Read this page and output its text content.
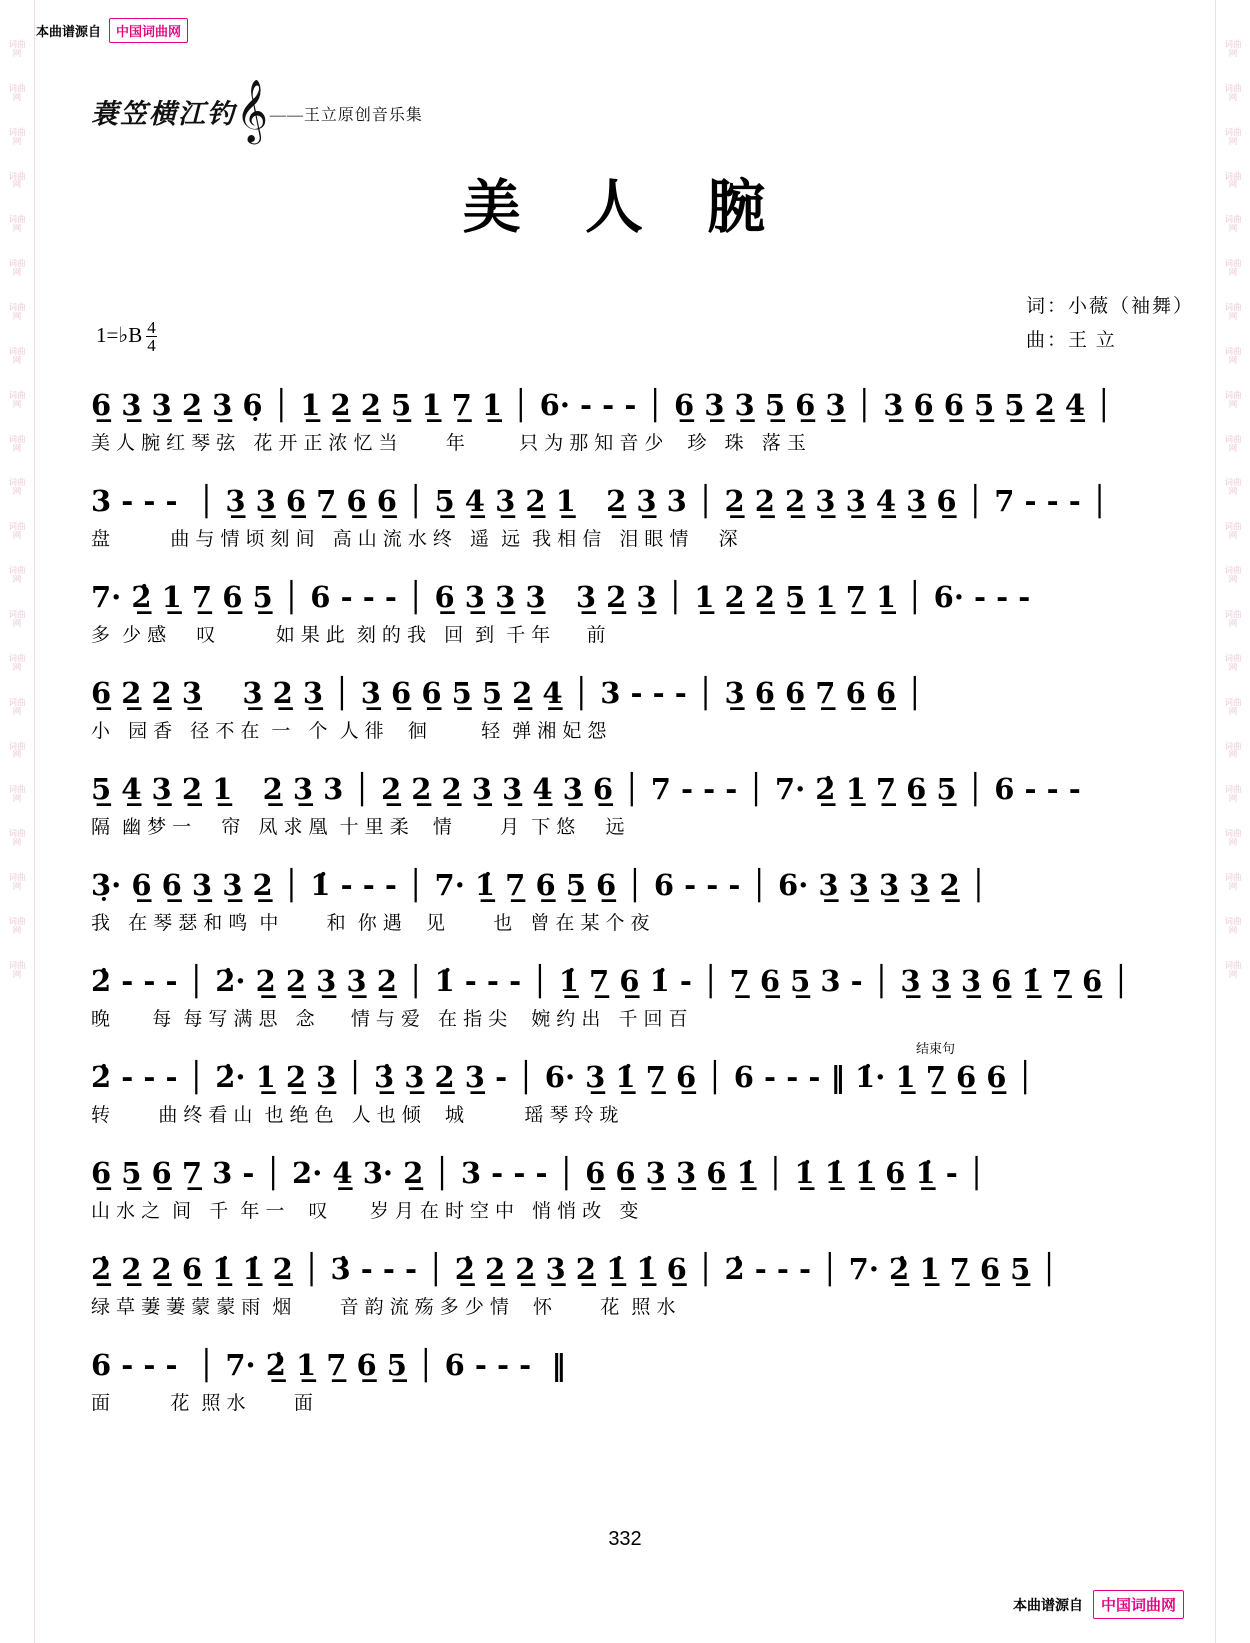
词曲网
词曲网
词曲网
词曲网
词曲网
词曲网
词曲网
词曲网
词曲网
词曲网
词曲网
词曲网
词曲网
词曲网
词曲网
词曲网
词曲网
词曲网
词曲网
词曲网
词曲网
词曲网
词曲网
词曲网
词曲网
词曲网
词曲网
词曲网
词曲网
词曲网
词曲网
词曲网
词曲网
词曲网
词曲网
词曲网
词曲网
词曲网
词曲网
词曲网
词曲网
词曲网
词曲网
词曲网
本曲谱源自	中国词曲网
蓑笠横江钓 𝄞 ——王立原创音乐集
美 人 腕
词：小薇（袖舞）
曲：王 立
1=♭B $\frac{4}{4}$
6̲ 3̲ 3̲ 2̲ 3̲ 6̣ │ 1̲ 2̲ 2̲ 5̲ 1̲ 7̲ 1̲ │ 6· - - - │ 6̲ 3̲ 3̲ 5̲ 6̲ 3̲ │ 3̲ 6̲ 6̲ 5̲ 5̲ 2̲ 4̲ │
美 人 腕 红 琴 弦   花 开 正 浓 忆 当        年         只 为 那 知 音 少    珍   珠   落 玉
3 - - -  │ 3̲ 3̲ 6̲ 7̲ 6̲ 6̲ │ 5̲ 4̲ 3̲ 2̲ 1̲   2̲ 3̲ 3 │ 2̲ 2̲ 2̲ 3̲ 3̲ 4̲ 3̲ 6̲ │ 7 - - - │
盘          曲 与 情 顷 刻 间   高 山 流 水 终   遥  远  我 相 信   泪 眼 情     深
7· 2̲̇ 1̲ 7̲ 6̲ 5̲ │ 6 - - - │ 6̲ 3̲ 3̲ 3̲   3̲ 2̲ 3̲ │ 1̲ 2̲ 2̲ 5̲ 1̲ 7̲ 1̲ │ 6· - - -
多  少 感     叹          如 果 此  刻 的 我   回  到  千 年      前
6̲ 2̲ 2̲ 3̲    3̲ 2̲ 3̲ │ 3̲ 6̲ 6̲ 5̲ 5̲ 2̲ 4̲ │ 3 - - - │ 3̲ 6̲ 6̲ 7̲ 6̲ 6̲ │
小   园 香   径 不 在  一   个  人 徘    徊         轻  弹 湘 妃 怨
5̲ 4̲ 3̲ 2̲ 1̲   2̲ 3̲ 3 │ 2̲ 2̲ 2̲ 3̲ 3̲ 4̲ 3̲ 6̲ │ 7 - - - │ 7· 2̲̇ 1̲ 7̲ 6̲ 5̲ │ 6 - - -
隔  幽 梦 一     帘   凤 求 凰  十 里 柔    情        月  下 悠     远
3̣· 6̲ 6̲ 3̲ 3̲ 2̲ │ 1̇ - - - │ 7· 1̲̇ 7̲ 6̲ 5̲ 6̲ │ 6 - - - │ 6· 3̲ 3̲ 3̲ 3̲ 2̲ │
我   在 琴 瑟 和 鸣  中        和  你 遇    见        也   曾 在 某 个 夜
2̇ - - - │ 2̇· 2̲ 2̲ 3̲ 3̲ 2̲ │ 1̇ - - - │ 1̲̇ 7̲ 6̲ 1̇ - │ 7̲ 6̲ 5̲ 3 - │ 3̲ 3̲ 3̲ 6̲ 1̲̇ 7̲ 6̲ │
晚       每  每 写 满 思   念      情 与 爱   在 指 尖    婉 约 出   千 回 百
结束句
2̇ - - - │ 2̇· 1̲ 2̲ 3̲ │ 3̲̇ 3̲ 2̲ 3̲ - │ 6· 3̲ 1̲̇ 7̲ 6̲ │ 6 - - - ‖ 1̇· 1̲ 7̲ 6̲ 6̲ │
转        曲 终 看 山  也 绝 色   人 也 倾    城          瑶 琴 玲 珑
6̲ 5̲ 6̲ 7̲ 3 - │ 2· 4̲ 3· 2̲ │ 3 - - - │ 6̲ 6̲ 3̲ 3̲ 6̲ 1̲̇ │ 1̲̇ 1̲̇ 1̲̇ 6̲ 1̲̇ - │
山 水 之  间   千  年 一    叹       岁 月 在 时 空 中   悄 悄 改   变
2̲̇ 2̲ 2̲ 6̲ 1̲̇ 1̲̇ 2̲ │ 3̇ - - - │ 2̲̇ 2̲ 2̲ 3̲ 2̲ 1̲̇ 1̲̇ 6̲ │ 2̇ - - - │ 7· 2̲̇ 1̲ 7̲ 6̲ 5̲ │
绿 草 萋 萋 蒙 蒙 雨  烟        音 韵 流 殇 多 少 情    怀        花  照 水
6 - - -  │ 7· 2̲̇ 1̲ 7̲ 6̲ 5̲ │ 6 - - -  ‖
面          花  照 水        面
332
本曲谱源自	中国词曲网
